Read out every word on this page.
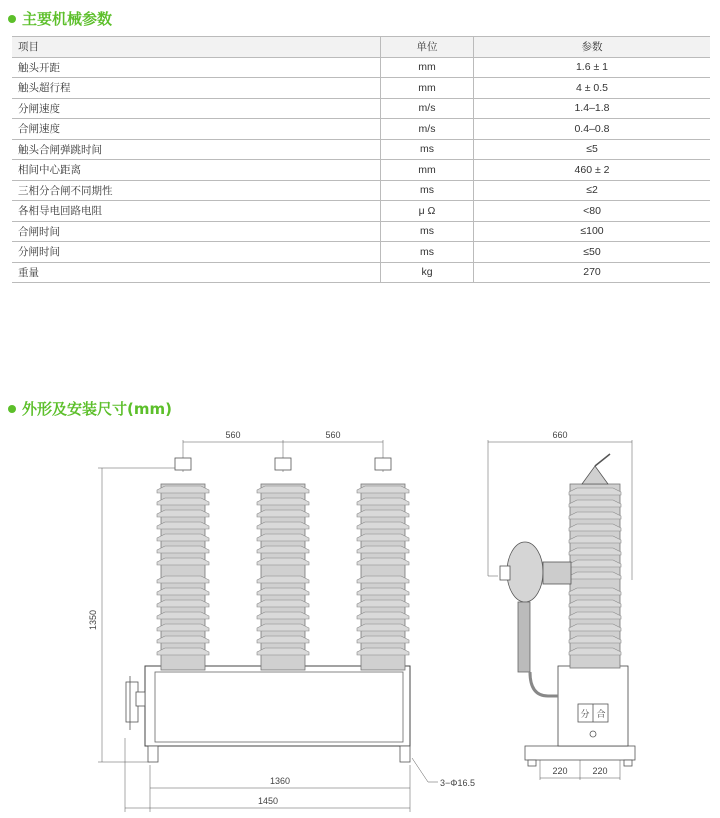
主要机械参数
项目	单位	参数
触头开距	mm	1.6 ± 1
触头超行程	mm	4 ± 0.5
分闸速度	m/s	1.4–1.8
合闸速度	m/s	0.4–0.8
触头合闸弹跳时间	ms	≤5
相间中心距离	mm	460 ± 2
三相分合闸不同期性	ms	≤2
各相导电回路电阻	μ Ω	<80
合闸时间	ms	≤100
分闸时间	ms	≤50
重量	kg	270
外形及安装尺寸(mm)
560	560
1350
1360
1450
3−Φ16.5
660
220	220
分 合
